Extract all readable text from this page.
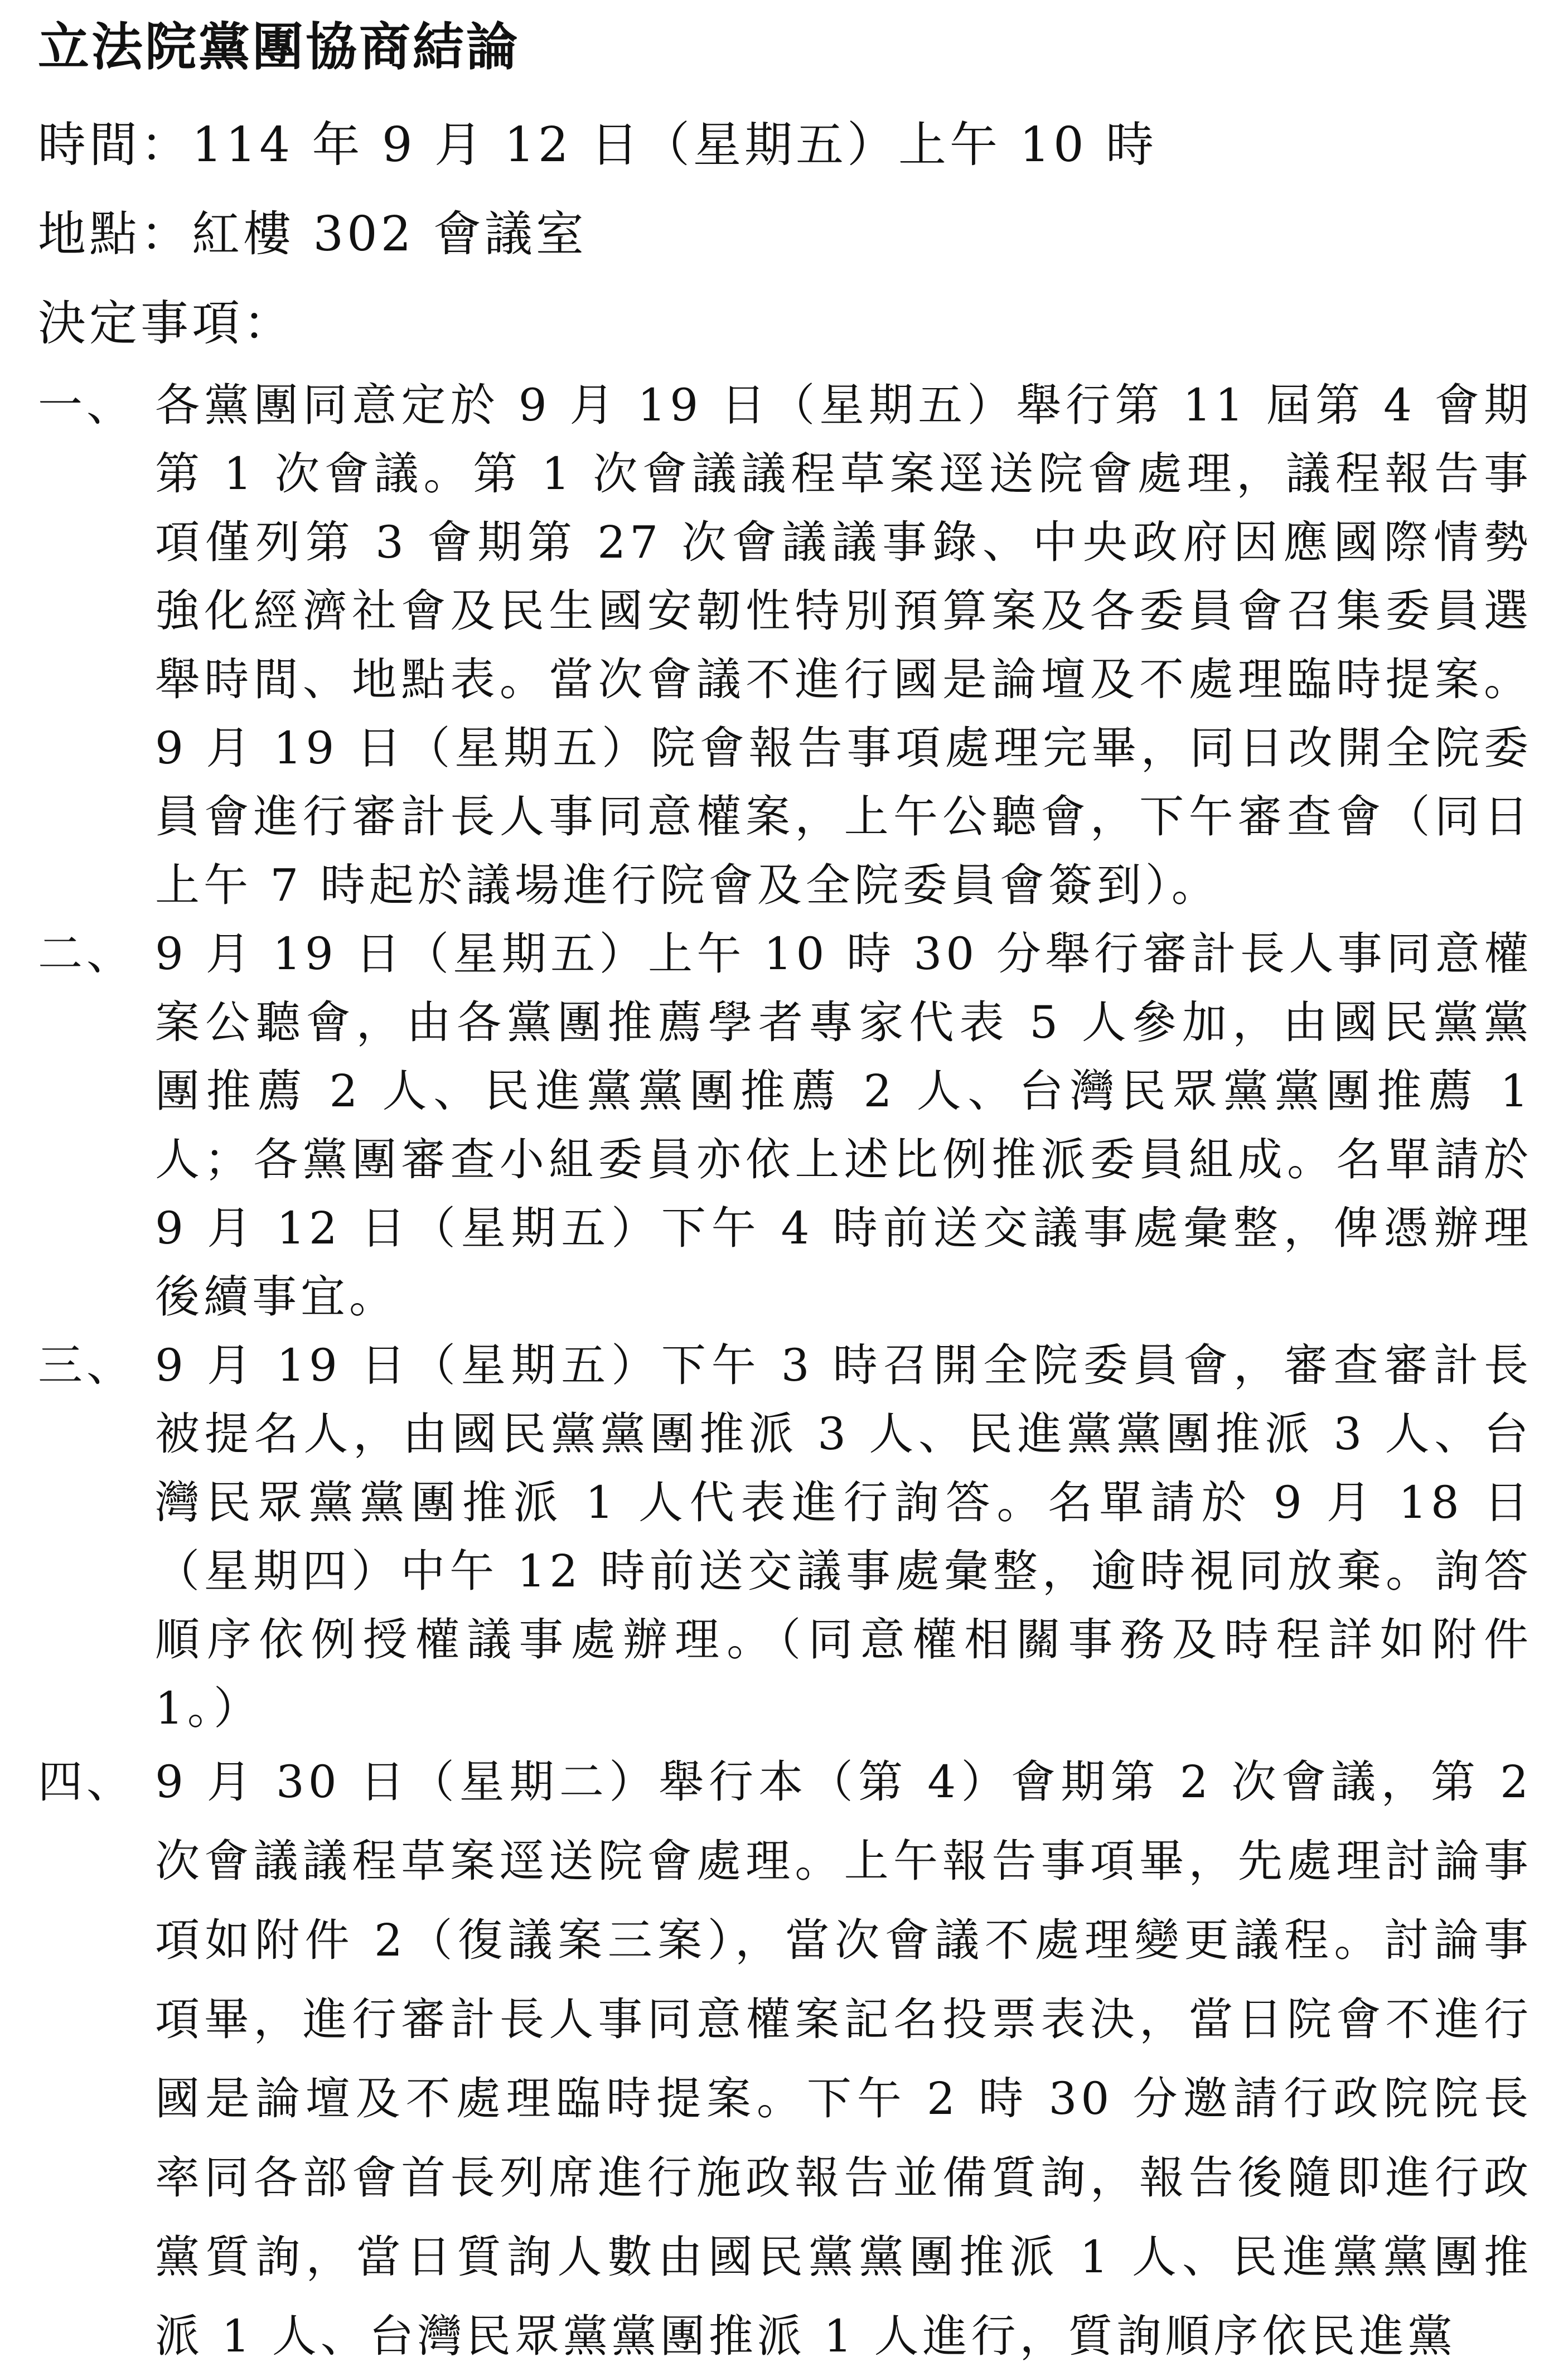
立法院黨團協商結論

時間：114 年 9 月 12 日（星期五）上午 10 時

地點：紅樓 302 會議室

決定事項：

一、 各黨團同意定於 9 月 19 日（星期五）舉行第 11 屆第 4 會期第 1 次會議。第 1 次會議議程草案逕送院會處理，議程報告事項僅列第 3 會期第 27 次會議議事錄、中央政府因應國際情勢強化經濟社會及民生國安韌性特別預算案及各委員會召集委員選舉時間、地點表。當次會議不進行國是論壇及不處理臨時提案。9 月 19 日（星期五）院會報告事項處理完畢，同日改開全院委員會進行審計長人事同意權案，上午公聽會，下午審查會（同日上午 7 時起於議場進行院會及全院委員會簽到）。
二、 9 月 19 日（星期五）上午 10 時 30 分舉行審計長人事同意權案公聽會，由各黨團推薦學者專家代表 5 人參加，由國民黨黨團推薦 2 人、民進黨黨團推薦 2 人、台灣民眾黨黨團推薦 1 人；各黨團審查小組委員亦依上述比例推派委員組成。名單請於 9 月 12 日（星期五）下午 4 時前送交議事處彙整，俾憑辦理後續事宜。
三、 9 月 19 日（星期五）下午 3 時召開全院委員會，審查審計長被提名人，由國民黨黨團推派 3 人、民進黨黨團推派 3 人、台灣民眾黨黨團推派 1 人代表進行詢答。名單請於 9 月 18 日（星期四）中午 12 時前送交議事處彙整，逾時視同放棄。詢答順序依例授權議事處辦理。（同意權相關事務及時程詳如附件 1。）
四、 9 月 30 日（星期二）舉行本（第 4）會期第 2 次會議，第 2 次會議議程草案逕送院會處理。上午報告事項畢，先處理討論事項如附件 2（復議案三案），當次會議不處理變更議程。討論事項畢，進行審計長人事同意權案記名投票表決，當日院會不進行國是論壇及不處理臨時提案。下午 2 時 30 分邀請行政院院長率同各部會首長列席進行施政報告並備質詢，報告後隨即進行政黨質詢，當日質詢人數由國民黨黨團推派 1 人、民進黨黨團推派 1 人、台灣民眾黨黨團推派 1 人進行，質詢順序依民進黨
